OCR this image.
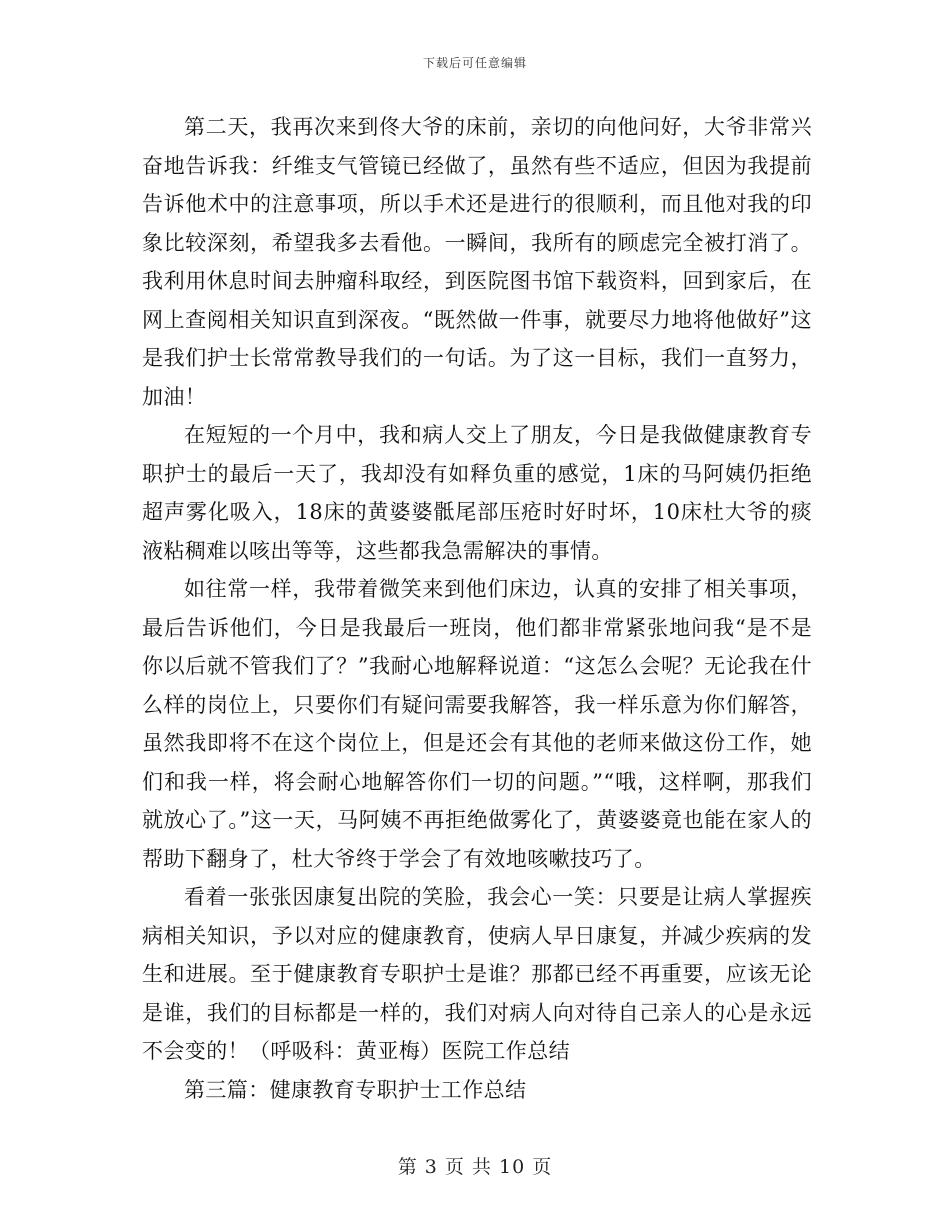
下载后可任意编辑

第二天，我再次来到佟大爷的床前，亲切的向他问好，大爷非常兴奋地告诉我：纤维支气管镜已经做了，虽然有些不适应，但因为我提前告诉他术中的注意事项，所以手术还是进行的很顺利，而且他对我的印象比较深刻，希望我多去看他。一瞬间，我所有的顾虑完全被打消了。我利用休息时间去肿瘤科取经，到医院图书馆下载资料，回到家后，在网上查阅相关知识直到深夜。“既然做一件事，就要尽力地将他做好”这是我们护士长常常教导我们的一句话。为了这一目标，我们一直努力，加油！

在短短的一个月中，我和病人交上了朋友，今日是我做健康教育专职护士的最后一天了，我却没有如释负重的感觉，1床的马阿姨仍拒绝超声雾化吸入，18床的黄婆婆骶尾部压疮时好时坏，10床杜大爷的痰液粘稠难以咳出等等，这些都我急需解决的事情。

如往常一样，我带着微笑来到他们床边，认真的安排了相关事项，最后告诉他们，今日是我最后一班岗，他们都非常紧张地问我“是不是你以后就不管我们了？”我耐心地解释说道：“这怎么会呢？无论我在什么样的岗位上，只要你们有疑问需要我解答，我一样乐意为你们解答，虽然我即将不在这个岗位上，但是还会有其他的老师来做这份工作，她们和我一样，将会耐心地解答你们一切的问题。”“哦，这样啊，那我们就放心了。”这一天，马阿姨不再拒绝做雾化了，黄婆婆竟也能在家人的帮助下翻身了，杜大爷终于学会了有效地咳嗽技巧了。

看着一张张因康复出院的笑脸，我会心一笑：只要是让病人掌握疾病相关知识，予以对应的健康教育，使病人早日康复，并减少疾病的发生和进展。至于健康教育专职护士是谁？那都已经不再重要，应该无论是谁，我们的目标都是一样的，我们对病人向对待自己亲人的心是永远不会变的！（呼吸科：黄亚梅）医院工作总结

第三篇：健康教育专职护士工作总结

第 3 页 共 10 页
